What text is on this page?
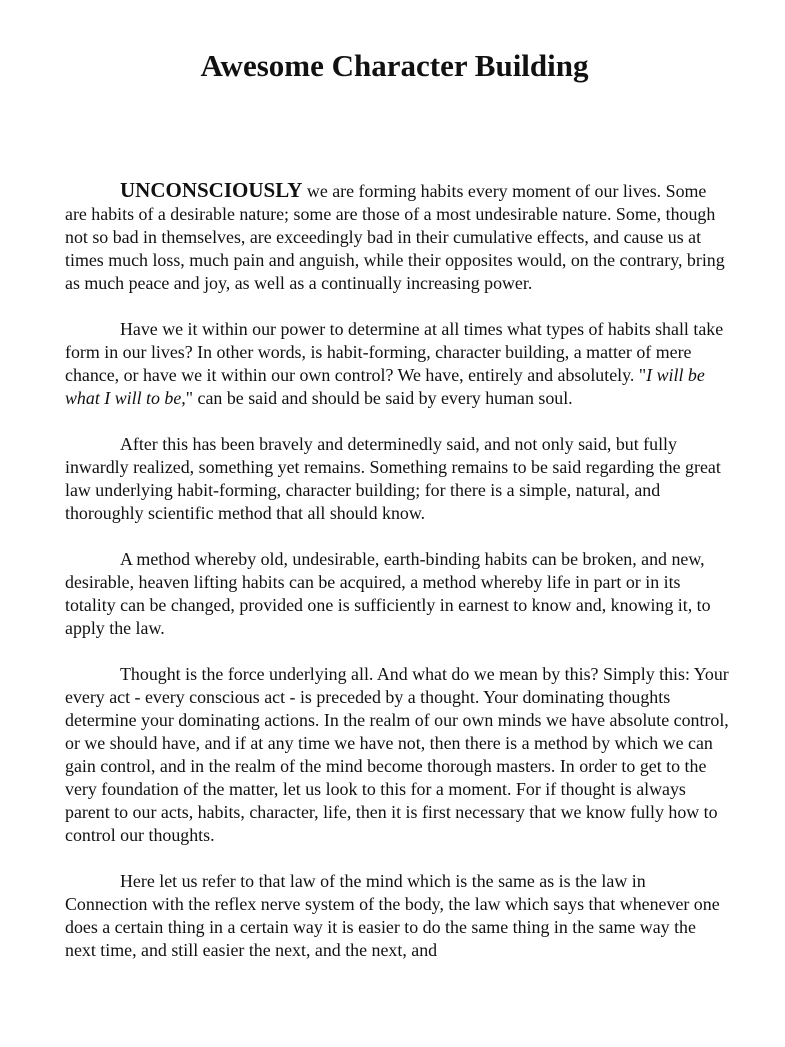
Awesome Character Building

UNCONSCIOUSLY we are forming habits every moment of our lives. Some are habits of a desirable nature; some are those of a most undesirable nature. Some, though not so bad in themselves, are exceedingly bad in their cumulative effects, and cause us at times much loss, much pain and anguish, while their opposites would, on the contrary, bring as much peace and joy, as well as a continually increasing power.

Have we it within our power to determine at all times what types of habits shall take form in our lives? In other words, is habit-forming, character building, a matter of mere chance, or have we it within our own control? We have, entirely and absolutely. "I will be what I will to be," can be said and should be said by every human soul.

After this has been bravely and determinedly said, and not only said, but fully inwardly realized, something yet remains. Something remains to be said regarding the great law underlying habit-forming, character building; for there is a simple, natural, and thoroughly scientific method that all should know.

A method whereby old, undesirable, earth-binding habits can be broken, and new, desirable, heaven lifting habits can be acquired, a method whereby life in part or in its totality can be changed, provided one is sufficiently in earnest to know and, knowing it, to apply the law.

Thought is the force underlying all. And what do we mean by this? Simply this: Your every act - every conscious act - is preceded by a thought. Your dominating thoughts determine your dominating actions. In the realm of our own minds we have absolute control, or we should have, and if at any time we have not, then there is a method by which we can gain control, and in the realm of the mind become thorough masters. In order to get to the very foundation of the matter, let us look to this for a moment. For if thought is always parent to our acts, habits, character, life, then it is first necessary that we know fully how to control our thoughts.

Here let us refer to that law of the mind which is the same as is the law in Connection with the reflex nerve system of the body, the law which says that whenever one does a certain thing in a certain way it is easier to do the same thing in the same way the next time, and still easier the next, and the next, and
